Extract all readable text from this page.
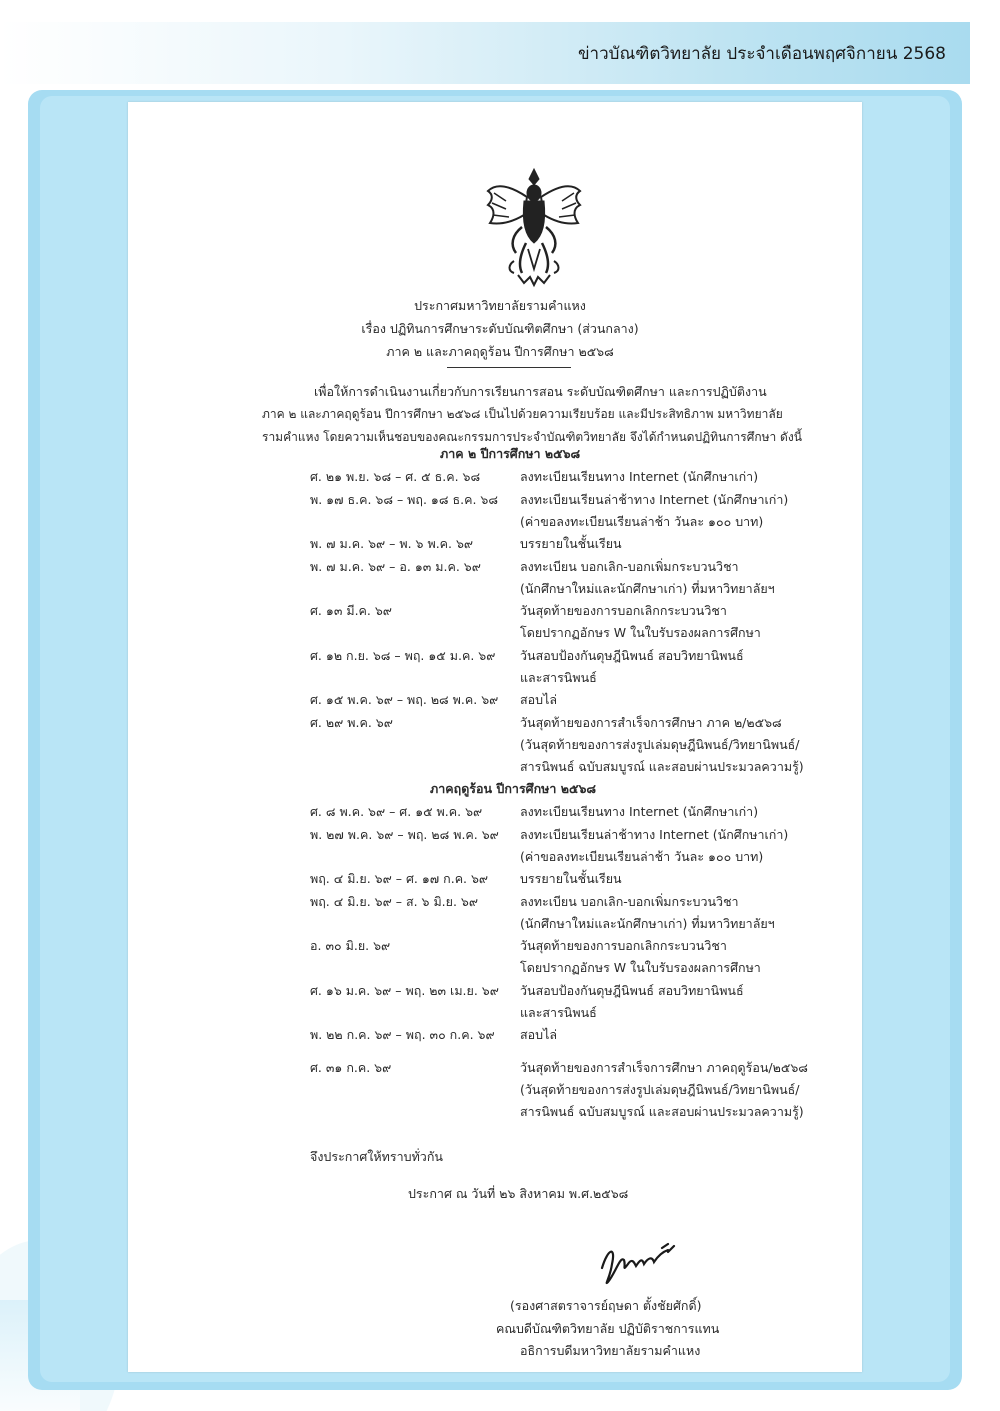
ข่าวบัณฑิตวิทยาลัย ประจำเดือนพฤศจิกายน 2568
ประกาศมหาวิทยาลัยรามคำแหง
เรื่อง ปฏิทินการศึกษาระดับบัณฑิตศึกษา (ส่วนกลาง)
ภาค ๒ และภาคฤดูร้อน ปีการศึกษา ๒๕๖๘
เพื่อให้การดำเนินงานเกี่ยวกับการเรียนการสอน ระดับบัณฑิตศึกษา และการปฏิบัติงาน
ภาค ๒ และภาคฤดูร้อน ปีการศึกษา ๒๕๖๘ เป็นไปด้วยความเรียบร้อย และมีประสิทธิภาพ มหาวิทยาลัย
รามคำแหง โดยความเห็นชอบของคณะกรรมการประจำบัณฑิตวิทยาลัย จึงได้กำหนดปฏิทินการศึกษา ดังนี้
ภาค ๒ ปีการศึกษา ๒๕๖๘
ศ. ๒๑ พ.ย. ๖๘ – ศ. ๕ ธ.ค. ๖๘	ลงทะเบียนเรียนทาง Internet (นักศึกษาเก่า)
พ. ๑๗ ธ.ค. ๖๘ – พฤ. ๑๘ ธ.ค. ๖๘ ลงทะเบียนเรียนล่าช้าทาง Internet (นักศึกษาเก่า)
(ค่าขอลงทะเบียนเรียนล่าช้า วันละ ๑๐๐ บาท)
พ. ๗ ม.ค. ๖๙ – พ. ๖ พ.ค. ๖๙	บรรยายในชั้นเรียน
พ. ๗ ม.ค. ๖๙ – อ. ๑๓ ม.ค. ๖๙	ลงทะเบียน บอกเลิก-บอกเพิ่มกระบวนวิชา
(นักศึกษาใหม่และนักศึกษาเก่า) ที่มหาวิทยาลัยฯ
ศ. ๑๓ มี.ค. ๖๙	วันสุดท้ายของการบอกเลิกกระบวนวิชา
โดยปรากฏอักษร W ในใบรับรองผลการศึกษา
ศ. ๑๒ ก.ย. ๖๘ – พฤ. ๑๕ ม.ค. ๖๙ วันสอบป้องกันดุษฎีนิพนธ์ สอบวิทยานิพนธ์
และสารนิพนธ์
ศ. ๑๕ พ.ค. ๖๙ – พฤ. ๒๘ พ.ค. ๖๙ สอบไล่
ศ. ๒๙ พ.ค. ๖๙	วันสุดท้ายของการสำเร็จการศึกษา ภาค ๒/๒๕๖๘
(วันสุดท้ายของการส่งรูปเล่มดุษฎีนิพนธ์/วิทยานิพนธ์/
สารนิพนธ์ ฉบับสมบูรณ์ และสอบผ่านประมวลความรู้)
ภาคฤดูร้อน ปีการศึกษา ๒๕๖๘
ศ. ๘ พ.ค. ๖๙ – ศ. ๑๕ พ.ค. ๖๙	ลงทะเบียนเรียนทาง Internet (นักศึกษาเก่า)
พ. ๒๗ พ.ค. ๖๙ – พฤ. ๒๘ พ.ค. ๖๙ ลงทะเบียนเรียนล่าช้าทาง Internet (นักศึกษาเก่า)
(ค่าขอลงทะเบียนเรียนล่าช้า วันละ ๑๐๐ บาท)
พฤ. ๔ มิ.ย. ๖๙ – ศ. ๑๗ ก.ค. ๖๙	บรรยายในชั้นเรียน
พฤ. ๔ มิ.ย. ๖๙ – ส. ๖ มิ.ย. ๖๙	ลงทะเบียน บอกเลิก-บอกเพิ่มกระบวนวิชา
(นักศึกษาใหม่และนักศึกษาเก่า) ที่มหาวิทยาลัยฯ
อ. ๓๐ มิ.ย. ๖๙	วันสุดท้ายของการบอกเลิกกระบวนวิชา
โดยปรากฏอักษร W ในใบรับรองผลการศึกษา
ศ. ๑๖ ม.ค. ๖๙ – พฤ. ๒๓ เม.ย. ๖๙ วันสอบป้องกันดุษฎีนิพนธ์ สอบวิทยานิพนธ์
และสารนิพนธ์
พ. ๒๒ ก.ค. ๖๙ – พฤ. ๓๐ ก.ค. ๖๙ สอบไล่
ศ. ๓๑ ก.ค. ๖๙	วันสุดท้ายของการสำเร็จการศึกษา ภาคฤดูร้อน/๒๕๖๘
(วันสุดท้ายของการส่งรูปเล่มดุษฎีนิพนธ์/วิทยานิพนธ์/
สารนิพนธ์ ฉบับสมบูรณ์ และสอบผ่านประมวลความรู้)
จึงประกาศให้ทราบทั่วกัน
ประกาศ ณ วันที่ ๒๖ สิงหาคม พ.ศ.๒๕๖๘
(รองศาสตราจารย์ฤษดา ตั้งชัยศักดิ์)
คณบดีบัณฑิตวิทยาลัย ปฏิบัติราชการแทน
อธิการบดีมหาวิทยาลัยรามคำแหง
